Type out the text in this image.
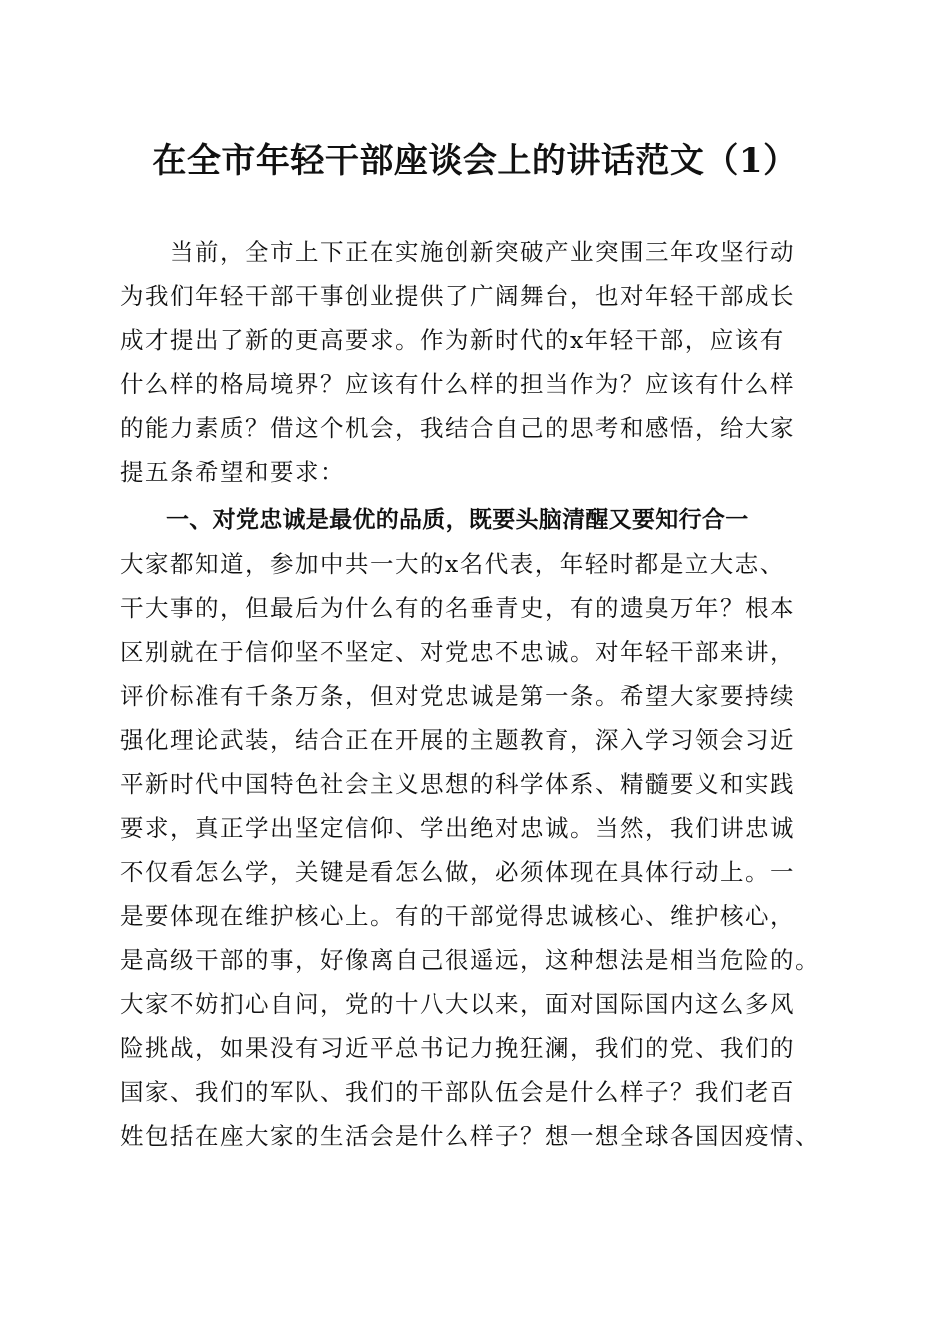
在全市年轻干部座谈会上的讲话范文（1）
当前，全市上下正在实施创新突破产业突围三年攻坚行动
为我们年轻干部干事创业提供了广阔舞台，也对年轻干部成长
成才提出了新的更高要求。作为新时代的x年轻干部，应该有
什么样的格局境界？应该有什么样的担当作为？应该有什么样
的能力素质？借这个机会，我结合自己的思考和感悟，给大家
提五条希望和要求：
一、对党忠诚是最优的品质，既要头脑清醒又要知行合一
大家都知道，参加中共一大的x名代表，年轻时都是立大志、
干大事的，但最后为什么有的名垂青史，有的遗臭万年？根本
区别就在于信仰坚不坚定、对党忠不忠诚。对年轻干部来讲，
评价标准有千条万条，但对党忠诚是第一条。希望大家要持续
强化理论武装，结合正在开展的主题教育，深入学习领会习近
平新时代中国特色社会主义思想的科学体系、精髓要义和实践
要求，真正学出坚定信仰、学出绝对忠诚。当然，我们讲忠诚
不仅看怎么学，关键是看怎么做，必须体现在具体行动上。一
是要体现在维护核心上。有的干部觉得忠诚核心、维护核心，
是高级干部的事，好像离自己很遥远，这种想法是相当危险的。
大家不妨扪心自问，党的十八大以来，面对国际国内这么多风
险挑战，如果没有习近平总书记力挽狂澜，我们的党、我们的
国家、我们的军队、我们的干部队伍会是什么样子？我们老百
姓包括在座大家的生活会是什么样子？想一想全球各国因疫情、
